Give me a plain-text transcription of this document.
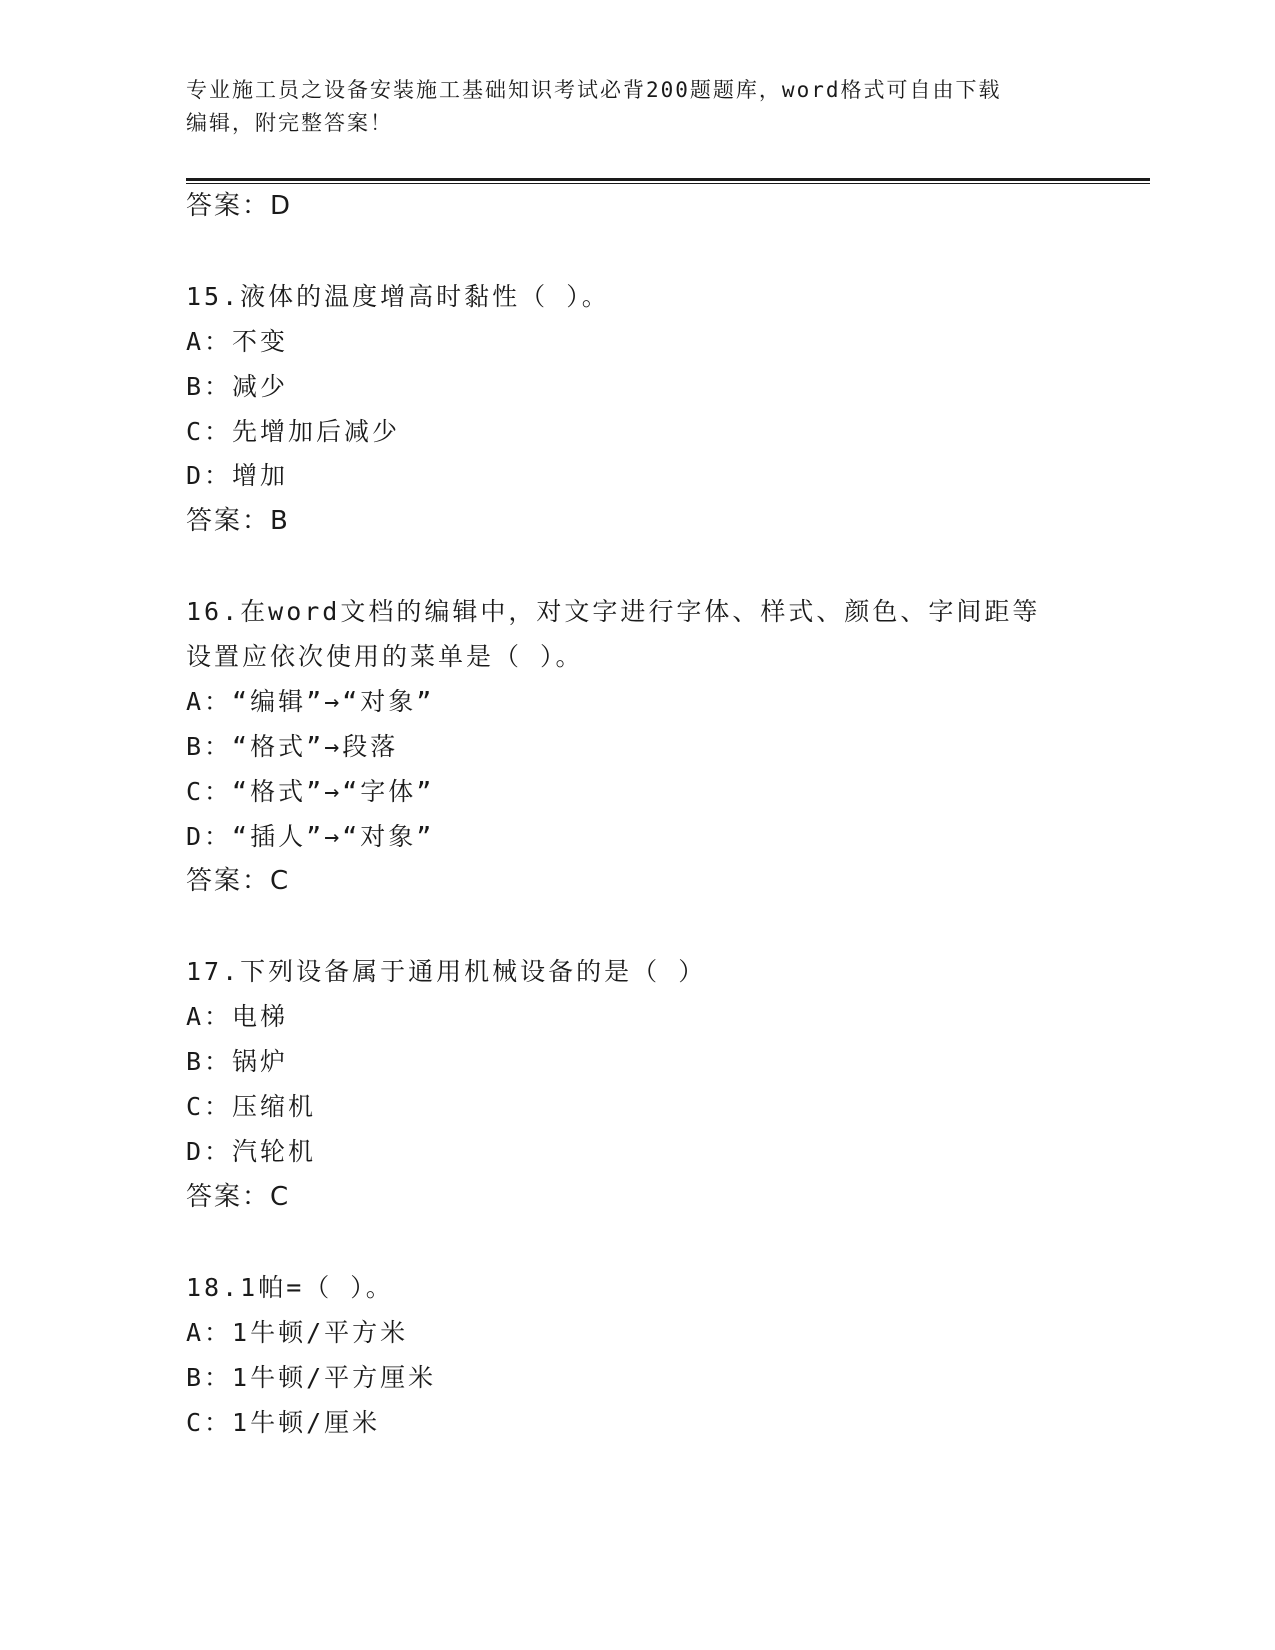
专业施工员之设备安装施工基础知识考试必背200题题库，word格式可自由下载
编辑，附完整答案！
答案：D
15.液体的温度增高时黏性（ ）。
A：不变
B：减少
C：先增加后减少
D：增加
答案：B
16.在word文档的编辑中，对文字进行字体、样式、颜色、字间距等
设置应依次使用的菜单是（ ）。
A：“编辑”→“对象”
B：“格式”→段落
C：“格式”→“字体”
D：“插人”→“对象”
答案：C
17.下列设备属于通用机械设备的是（ ）
A：电梯
B：锅炉
C：压缩机
D：汽轮机
答案：C
18.1帕=（ ）。
A：1牛顿/平方米
B：1牛顿/平方厘米
C：1牛顿/厘米
